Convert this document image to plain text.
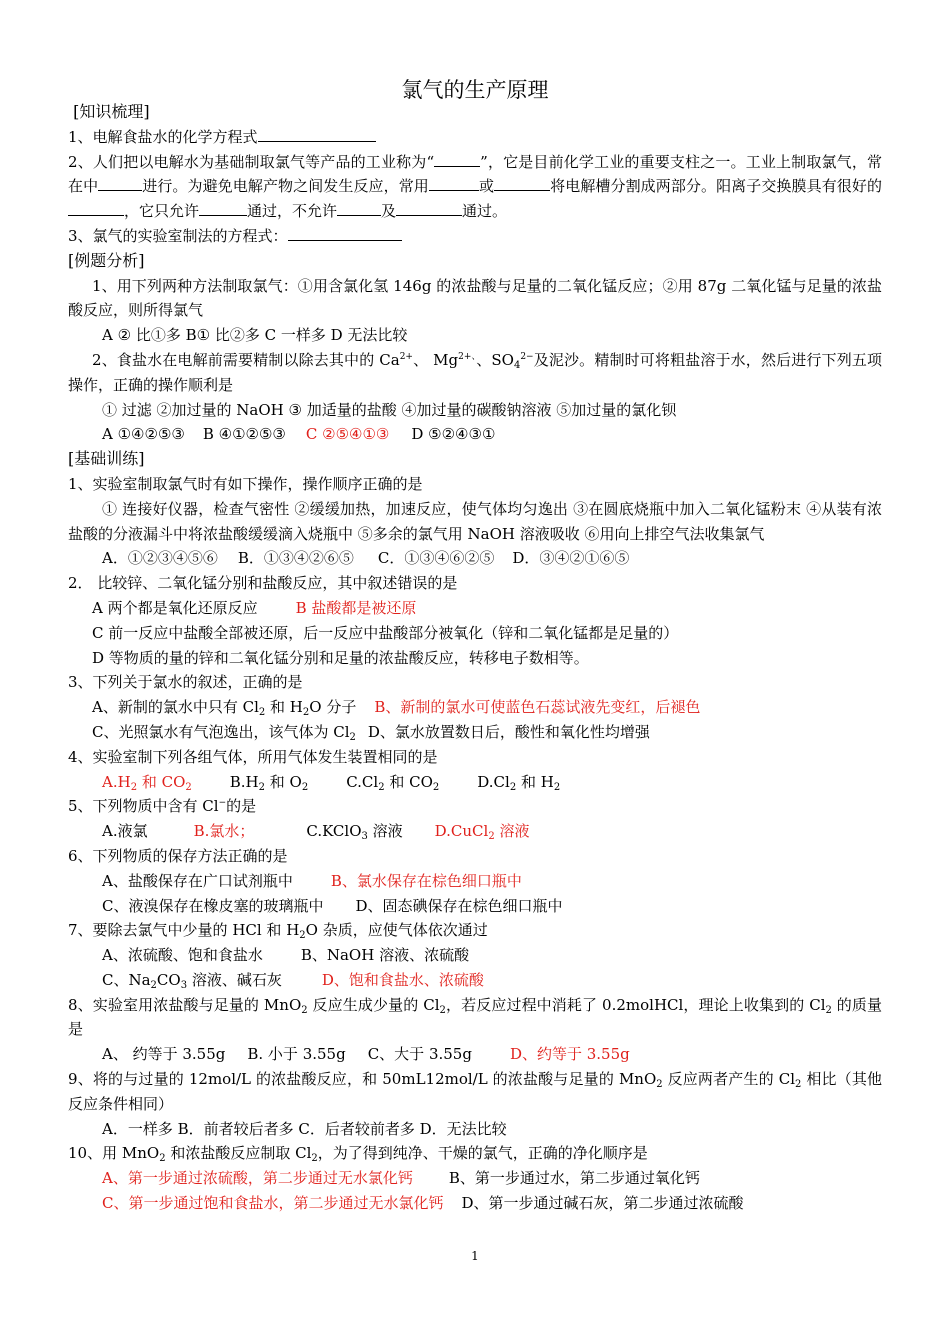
氯气的生产原理
[知识梳理]
1、电解食盐水的化学方程式
2、人们把以电解水为基础制取氯气等产品的工业称为“	”，它是目前化学工业的重要支柱之一。工业上制取氯气，常在中	进行。为避免电解产物之间发生反应，常用	或	将电解槽分割成两部分。阳离子交换膜具有很好的，它只允许	通过，不允许	及	通过。
3、氯气的实验室制法的方程式：
[例题分析]
1、用下列两种方法制取氯气：①用含氯化氢 146g 的浓盐酸与足量的二氧化锰反应；②用 87g 二氧化锰与足量的浓盐酸反应，则所得氯气
A ② 比①多 B① 比②多 C 一样多 D 无法比较
2、食盐水在电解前需要精制以除去其中的 $Ca^{2+}$、 $Mg^{2+、}$、$SO_4^{2-}$及泥沙。精制时可将粗盐溶于水，然后进行下列五项操作，正确的操作顺利是
① 过滤 ②加过量的 NaOH ③ 加适量的盐酸 ④加过量的碳酸钠溶液 ⑤加过量的氯化钡
A ①④②⑤③ B ④①②⑤③ C ②⑤④①③ D ⑤②④③①
[基础训练]
1、实验室制取氯气时有如下操作，操作顺序正确的是
① 连接好仪器，检查气密性 ②缓缓加热，加速反应，使气体均匀逸出 ③在圆底烧瓶中加入二氧化锰粉末 ④从装有浓盐酸的分液漏斗中将浓盐酸缓缓滴入烧瓶中 ⑤多余的氯气用 NaOH 溶液吸收 ⑥用向上排空气法收集氯气
A．①②③④⑤⑥ B．①③④②⑥⑤ C．①③④⑥②⑤ D．③④②①⑥⑤
2． 比较锌、二氧化锰分别和盐酸反应，其中叙述错误的是
A 两个都是氧化还原反应	B 盐酸都是被还原
C 前一反应中盐酸全部被还原，后一反应中盐酸部分被氧化（锌和二氧化锰都是足量的）
D 等物质的量的锌和二氧化锰分别和足量的浓盐酸反应，转移电子数相等。
3、下列关于氯水的叙述，正确的是
A、新制的氯水中只有 $Cl_2$ 和 $H_2O$ 分子 B、新制的氯水可使蓝色石蕊试液先变红，后褪色
C、光照氯水有气泡逸出，该气体为 $Cl_2$ D、氯水放置数日后，酸性和氧化性均增强
4、实验室制下列各组气体，所用气体发生装置相同的是
$A.H_2$ 和 $CO_2$	$B.H_2$ 和 $O_2$	$C.Cl_2$ 和 $CO_2$	$D.Cl_2$ 和 $H_2$
5、下列物质中含有 Cl−的是
A.液氯	B.氯水；	C.KClO$_3$ 溶液 D.CuCl$_2$ 溶液
6、下列物质的保存方法正确的是
A、盐酸保存在广口试剂瓶中	B、氯水保存在棕色细口瓶中
C、液溴保存在橡皮塞的玻璃瓶中 D、固态碘保存在棕色细口瓶中
7、要除去氯气中少量的 HCl 和 $H_2O$ 杂质，应使气体依次通过
A、浓硫酸、饱和食盐水	B、NaOH 溶液、浓硫酸
C、$Na_2CO_3$ 溶液、碱石灰	D、饱和食盐水、浓硫酸
8、实验室用浓盐酸与足量的 MnO$_2$ 反应生成少量的 $Cl_2$，若反应过程中消耗了 0.2molHCl，理论上收集到的 $Cl_2$ 的质量是
A、 约等于 3.55g B. 小于 3.55g C、大于 3.55g	D、约等于 3.55g
9、将的与过量的 12mol/L 的浓盐酸反应，和 50mL12mol/L 的浓盐酸与足量的 MnO$_2$ 反应两者产生的 $Cl_2$ 相比（其他反应条件相同）
A．一样多 B．前者较后者多 C．后者较前者多 D．无法比较
10、用 MnO$_2$ 和浓盐酸反应制取 $Cl_2$，为了得到纯净、干燥的氯气，正确的净化顺序是
A、第一步通过浓硫酸，第二步通过无水氯化钙 B、第一步通过水，第二步通过氧化钙
C、第一步通过饱和食盐水，第二步通过无水氯化钙 D、第一步通过碱石灰，第二步通过浓硫酸
1
